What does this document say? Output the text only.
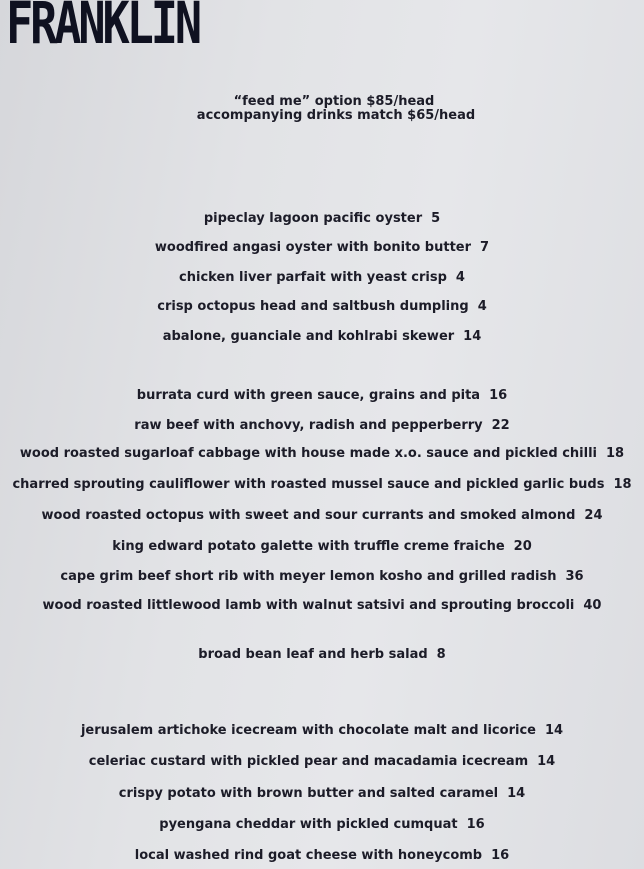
FRANKLIN
“feed me” option $85/head
accompanying drinks match $65/head
pipeclay lagoon pacific oyster 5
woodfired angasi oyster with bonito butter 7
chicken liver parfait with yeast crisp 4
crisp octopus head and saltbush dumpling 4
abalone, guanciale and kohlrabi skewer 14
burrata curd with green sauce, grains and pita 16
raw beef with anchovy, radish and pepperberry 22
wood roasted sugarloaf cabbage with house made x.o. sauce and pickled chilli 18
charred sprouting cauliflower with roasted mussel sauce and pickled garlic buds 18
wood roasted octopus with sweet and sour currants and smoked almond 24
king edward potato galette with truffle creme fraiche 20
cape grim beef short rib with meyer lemon kosho and grilled radish 36
wood roasted littlewood lamb with walnut satsivi and sprouting broccoli 40
broad bean leaf and herb salad 8
jerusalem artichoke icecream with chocolate malt and licorice 14
celeriac custard with pickled pear and macadamia icecream 14
crispy potato with brown butter and salted caramel 14
pyengana cheddar with pickled cumquat 16
local washed rind goat cheese with honeycomb 16
